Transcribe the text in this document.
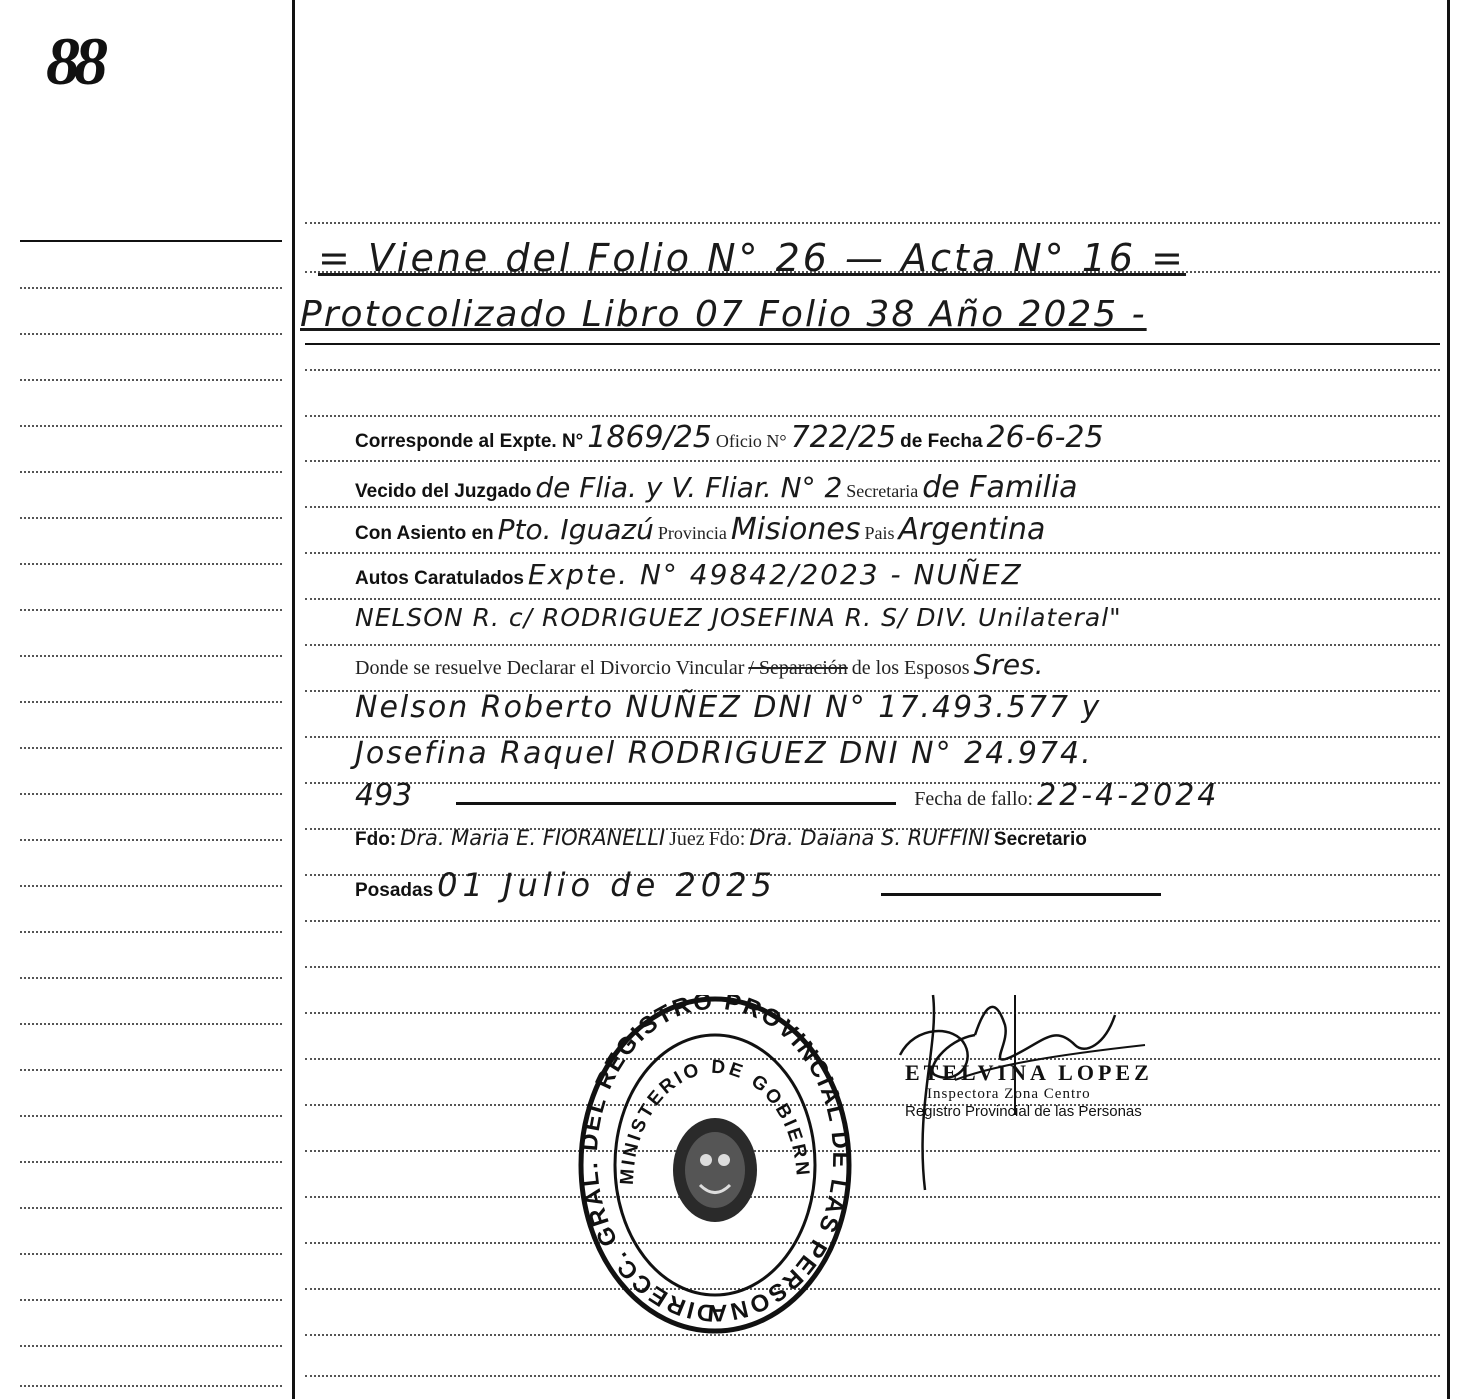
88
= Viene del Folio N° 26 — Acta N° 16 =
Protocolizado Libro 07 Folio 38 Año 2025 -
Corresponde al Expte. N° 1869/25 Oficio N° 722/25 de Fecha 26-6-25
Vecido del Juzgado de Flia. y V. Fliar. N° 2 Secretaria de Familia
Con Asiento en Pto. Iguazú Provincia Misiones Pais Argentina
Autos Caratulados Expte. N° 49842/2023 - NUÑEZ
NELSON R. c/ RODRIGUEZ JOSEFINA R. S/ DIV. Unilateral"
Donde se resuelve Declarar el Divorcio Vincular / Separación de los Esposos Sres.
Nelson Roberto NUÑEZ DNI N° 17.493.577 y
Josefina Raquel RODRIGUEZ DNI N° 24.974.
493	Fecha de fallo: 22-4-2024
Fdo: Dra. Maria E. FIORANELLI Juez Fdo: Dra. Daiana S. RUFFINI Secretario
Posadas 01 Julio de 2025
DIRECC. GRAL. DEL REGISTRO PROVINCIAL DE LAS PERSONA
MINISTERIO DE GOBIERN
ETELVINA LOPEZ
Inspectora Zona Centro
Registro Provincial de las Personas
